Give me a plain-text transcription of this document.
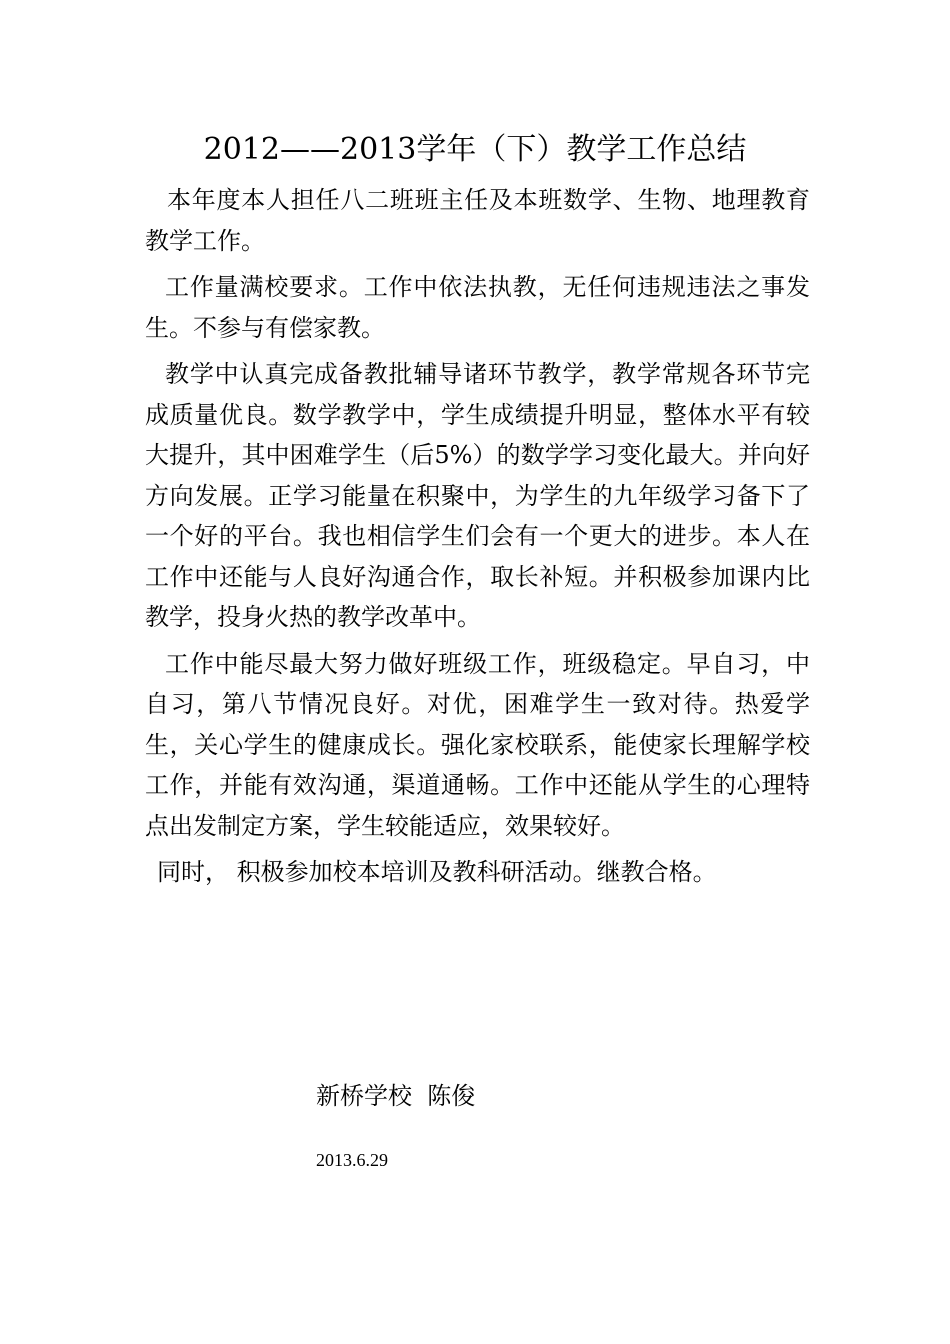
2012——2013学年（下）教学工作总结

本年度本人担任八二班班主任及本班数学、生物、地理教育教学工作。

工作量满校要求。工作中依法执教，无任何违规违法之事发生。不参与有偿家教。

教学中认真完成备教批辅导诸环节教学，教学常规各环节完成质量优良。数学教学中，学生成绩提升明显，整体水平有较大提升，其中困难学生（后5%）的数学学习变化最大。并向好方向发展。正学习能量在积聚中，为学生的九年级学习备下了一个好的平台。我也相信学生们会有一个更大的进步。本人在工作中还能与人良好沟通合作，取长补短。并积极参加课内比教学，投身火热的教学改革中。

工作中能尽最大努力做好班级工作，班级稳定。早自习，中自习，第八节情况良好。对优，困难学生一致对待。热爱学生，关心学生的健康成长。强化家校联系，能使家长理解学校工作，并能有效沟通，渠道通畅。工作中还能从学生的心理特点出发制定方案，学生较能适应，效果较好。

同时， 积极参加校本培训及教科研活动。继教合格。

新桥学校  陈俊
2013.6.29
